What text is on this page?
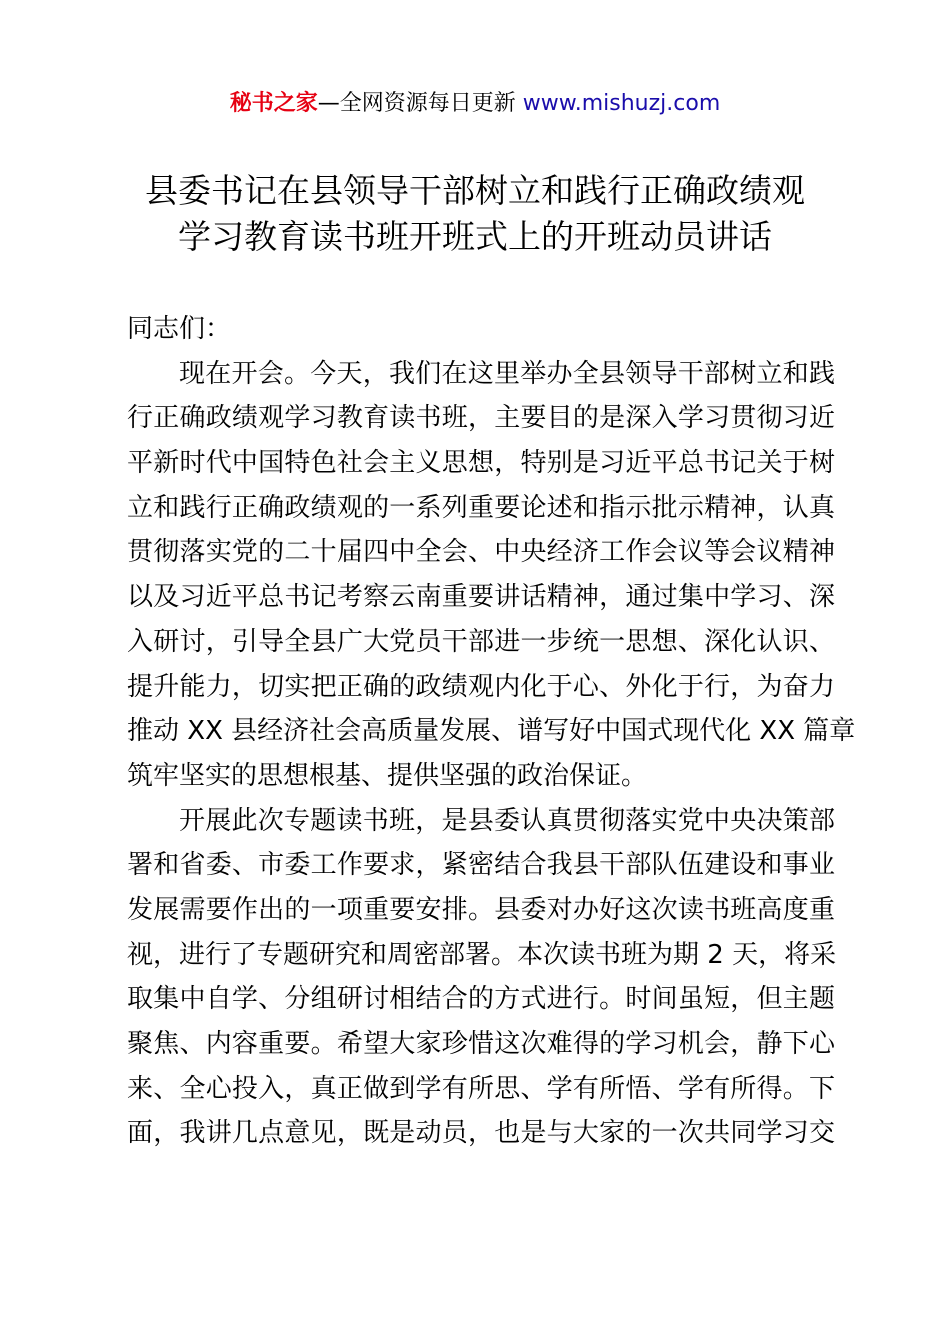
秘书之家—全网资源每日更新 www.mishuzj.com
县委书记在县领导干部树立和践行正确政绩观
学习教育读书班开班式上的开班动员讲话
同志们：
现在开会。今天，我们在这里举办全县领导干部树立和践
行正确政绩观学习教育读书班，主要目的是深入学习贯彻习近
平新时代中国特色社会主义思想，特别是习近平总书记关于树
立和践行正确政绩观的一系列重要论述和指示批示精神，认真
贯彻落实党的二十届四中全会、中央经济工作会议等会议精神
以及习近平总书记考察云南重要讲话精神，通过集中学习、深
入研讨，引导全县广大党员干部进一步统一思想、深化认识、
提升能力，切实把正确的政绩观内化于心、外化于行，为奋力
推动 XX 县经济社会高质量发展、谱写好中国式现代化 XX 篇章
筑牢坚实的思想根基、提供坚强的政治保证。
开展此次专题读书班，是县委认真贯彻落实党中央决策部
署和省委、市委工作要求，紧密结合我县干部队伍建设和事业
发展需要作出的一项重要安排。县委对办好这次读书班高度重
视，进行了专题研究和周密部署。本次读书班为期 2 天，将采
取集中自学、分组研讨相结合的方式进行。时间虽短，但主题
聚焦、内容重要。希望大家珍惜这次难得的学习机会，静下心
来、全心投入，真正做到学有所思、学有所悟、学有所得。下
面，我讲几点意见，既是动员，也是与大家的一次共同学习交
